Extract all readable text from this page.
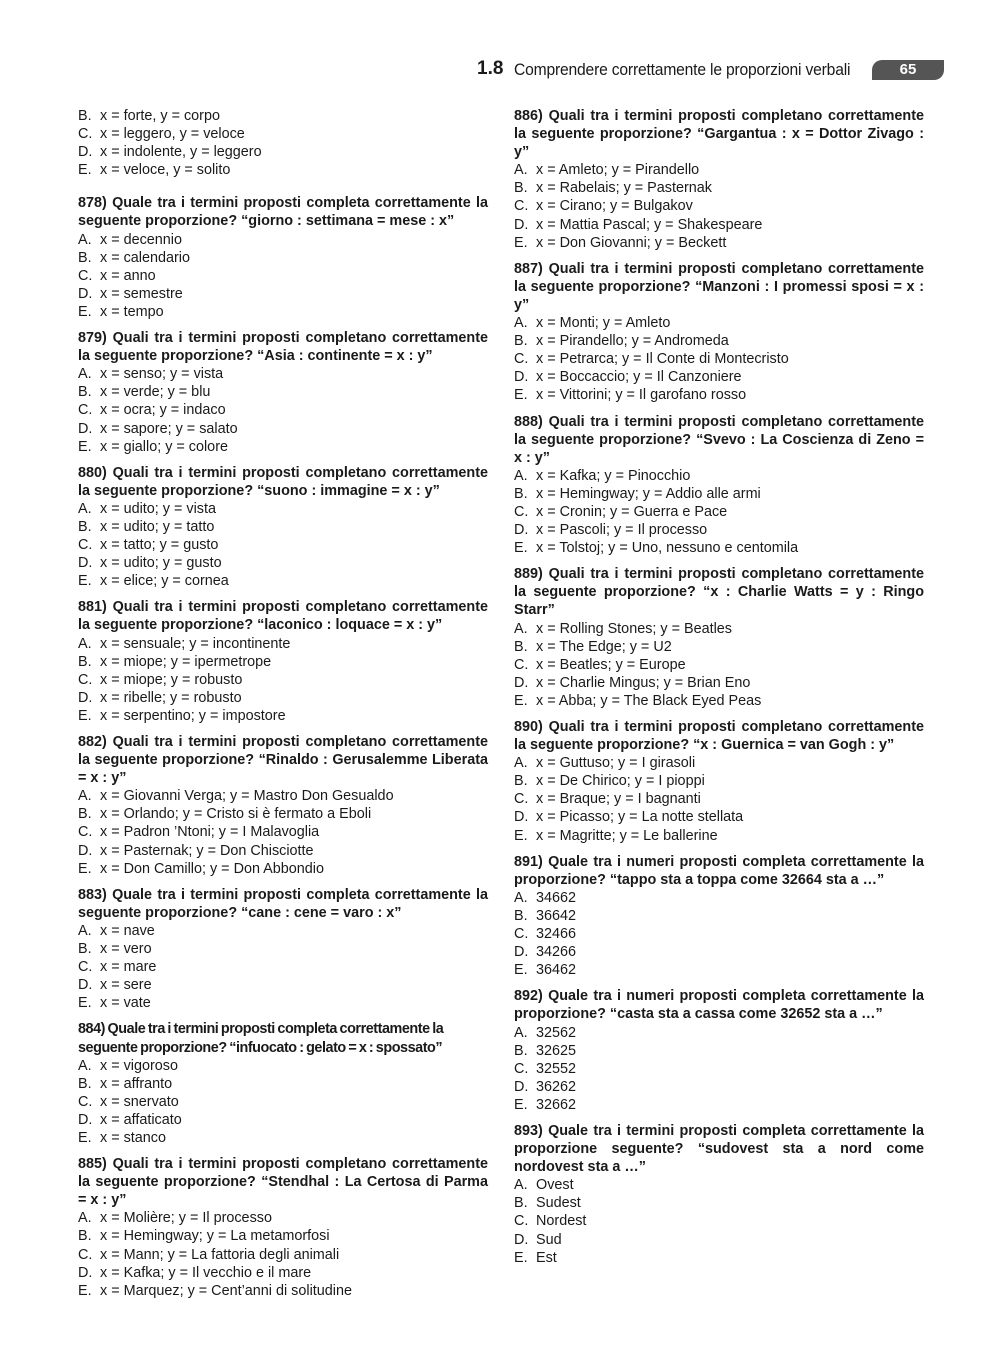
1.8 Comprendere correttamente le proporzioni verbali	65
B. x = forte, y = corpo
C. x = leggero, y = veloce
D. x = indolente, y = leggero
E. x = veloce, y = solito
878) Quale tra i termini proposti completa correttamente la seguente proporzione? “giorno : settimana = mese : x”
A. x = decennio
B. x = calendario
C. x = anno
D. x = semestre
E. x = tempo
879) Quali tra i termini proposti completano correttamente la seguente proporzione? “Asia : continente = x : y”
A. x = senso; y = vista
B. x = verde; y = blu
C. x = ocra; y = indaco
D. x = sapore; y = salato
E. x = giallo; y = colore
880) Quali tra i termini proposti completano correttamente la seguente proporzione? “suono : immagine = x : y”
A. x = udito; y = vista
B. x = udito; y = tatto
C. x = tatto; y = gusto
D. x = udito; y = gusto
E. x = elice; y = cornea
881) Quali tra i termini proposti completano correttamente la seguente proporzione? “laconico : loquace = x : y”
A. x = sensuale; y = incontinente
B. x = miope; y = ipermetrope
C. x = miope; y = robusto
D. x = ribelle; y = robusto
E. x = serpentino; y = impostore
882) Quali tra i termini proposti completano correttamente la seguente proporzione? “Rinaldo : Gerusalemme Liberata = x : y”
A. x = Giovanni Verga; y = Mastro Don Gesualdo
B. x = Orlando; y = Cristo si è fermato a Eboli
C. x = Padron ’Ntoni; y = I Malavoglia
D. x = Pasternak; y = Don Chisciotte
E. x = Don Camillo; y = Don Abbondio
883) Quale tra i termini proposti completa correttamente la seguente proporzione? “cane : cene = varo : x”
A. x = nave
B. x = vero
C. x = mare
D. x = sere
E. x = vate
884) Quale tra i termini proposti completa correttamente la seguente proporzione? “infuocato : gelato = x : spossato”
A. x = vigoroso
B. x = affranto
C. x = snervato
D. x = affaticato
E. x = stanco
885) Quali tra i termini proposti completano correttamente la seguente proporzione? “Stendhal : La Certosa di Parma = x : y”
A. x = Molière; y = Il processo
B. x = Hemingway; y = La metamorfosi
C. x = Mann; y = La fattoria degli animali
D. x = Kafka; y = Il vecchio e il mare
E. x = Marquez; y = Cent’anni di solitudine
886) Quali tra i termini proposti completano correttamente la seguente proporzione? “Gargantua : x = Dottor Zivago : y”
A. x = Amleto; y = Pirandello
B. x = Rabelais; y = Pasternak
C. x = Cirano; y = Bulgakov
D. x = Mattia Pascal; y = Shakespeare
E. x = Don Giovanni; y = Beckett
887) Quali tra i termini proposti completano correttamente la seguente proporzione? “Manzoni : I promessi sposi = x : y”
A. x = Monti; y = Amleto
B. x = Pirandello; y = Andromeda
C. x = Petrarca; y = Il Conte di Montecristo
D. x = Boccaccio; y = Il Canzoniere
E. x = Vittorini; y = Il garofano rosso
888) Quali tra i termini proposti completano correttamente la seguente proporzione? “Svevo : La Coscienza di Zeno = x : y”
A. x = Kafka; y = Pinocchio
B. x = Hemingway; y = Addio alle armi
C. x = Cronin; y = Guerra e Pace
D. x = Pascoli; y = Il processo
E. x = Tolstoj; y = Uno, nessuno e centomila
889) Quali tra i termini proposti completano correttamente la seguente proporzione? “x : Charlie Watts = y : Ringo Starr”
A. x = Rolling Stones; y = Beatles
B. x = The Edge; y = U2
C. x = Beatles; y = Europe
D. x = Charlie Mingus; y = Brian Eno
E. x = Abba; y = The Black Eyed Peas
890) Quali tra i termini proposti completano correttamente la seguente proporzione? “x : Guernica = van Gogh : y”
A. x = Guttuso; y = I girasoli
B. x = De Chirico; y = I pioppi
C. x = Braque; y = I bagnanti
D. x = Picasso; y = La notte stellata
E. x = Magritte; y = Le ballerine
891) Quale tra i numeri proposti completa correttamente la proporzione? “tappo sta a toppa come 32664 sta a …”
A. 34662
B. 36642
C. 32466
D. 34266
E. 36462
892) Quale tra i numeri proposti completa correttamente la proporzione? “casta sta a cassa come 32652 sta a …”
A. 32562
B. 32625
C. 32552
D. 36262
E. 32662
893) Quale tra i termini proposti completa correttamente la proporzione seguente? “sudovest sta a nord come nordovest sta a …”
A. Ovest
B. Sudest
C. Nordest
D. Sud
E. Est
